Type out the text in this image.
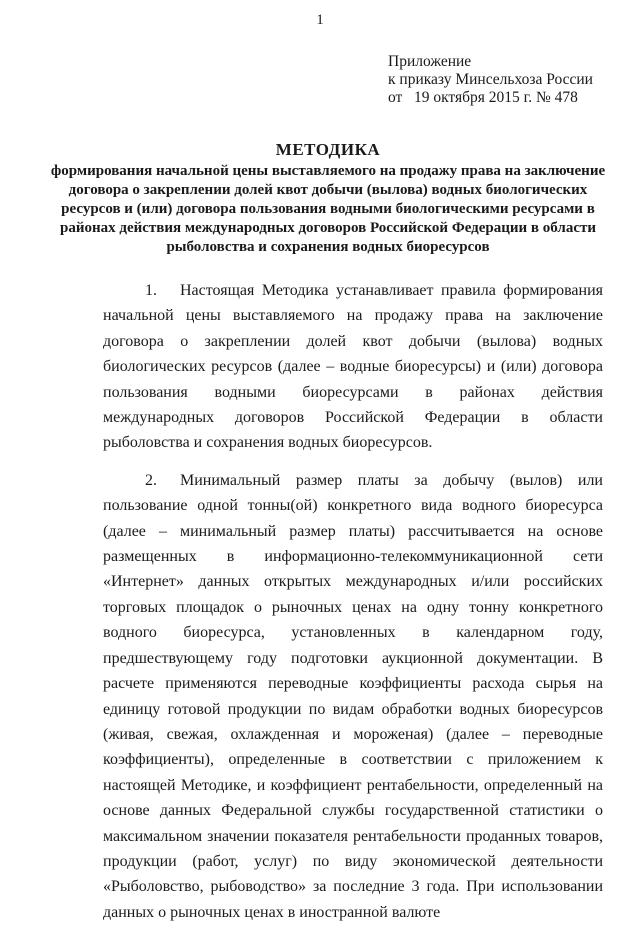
1
Приложение
к приказу Минсельхоза России
от   19 октября 2015 г. № 478
МЕТОДИКА
формирования начальной цены выставляемого на продажу права на заключение договора о закреплении долей квот добычи (вылова) водных биологических ресурсов и (или) договора пользования водными биологическими ресурсами в районах действия международных договоров Российской Федерации в области рыболовства и сохранения водных биоресурсов

1. Настоящая Методика устанавливает правила формирования начальной цены выставляемого на продажу права на заключение договора о закреплении долей квот добычи (вылова) водных биологических ресурсов (далее – водные биоресурсы) и (или) договора пользования водными биоресурсами в районах действия международных договоров Российской Федерации в области рыболовства и сохранения водных биоресурсов.

2. Минимальный размер платы за добычу (вылов) или пользование одной тонны(ой) конкретного вида водного биоресурса (далее – минимальный размер платы) рассчитывается на основе размещенных в информационно-телекоммуникационной сети «Интернет» данных открытых международных и/или российских торговых площадок о рыночных ценах на одну тонну конкретного водного биоресурса, установленных в календарном году, предшествующему году подготовки аукционной документации. В расчете применяются переводные коэффициенты расхода сырья на единицу готовой продукции по видам обработки водных биоресурсов (живая, свежая, охлажденная и мороженая) (далее – переводные коэффициенты), определенные в соответствии с приложением к настоящей Методике, и коэффициент рентабельности, определенный на основе данных Федеральной службы государственной статистики о максимальном значении показателя рентабельности проданных товаров, продукции (работ, услуг) по виду экономической деятельности «Рыболовство, рыбоводство» за последние 3 года. При использовании данных о рыночных ценах в иностранной валюте
